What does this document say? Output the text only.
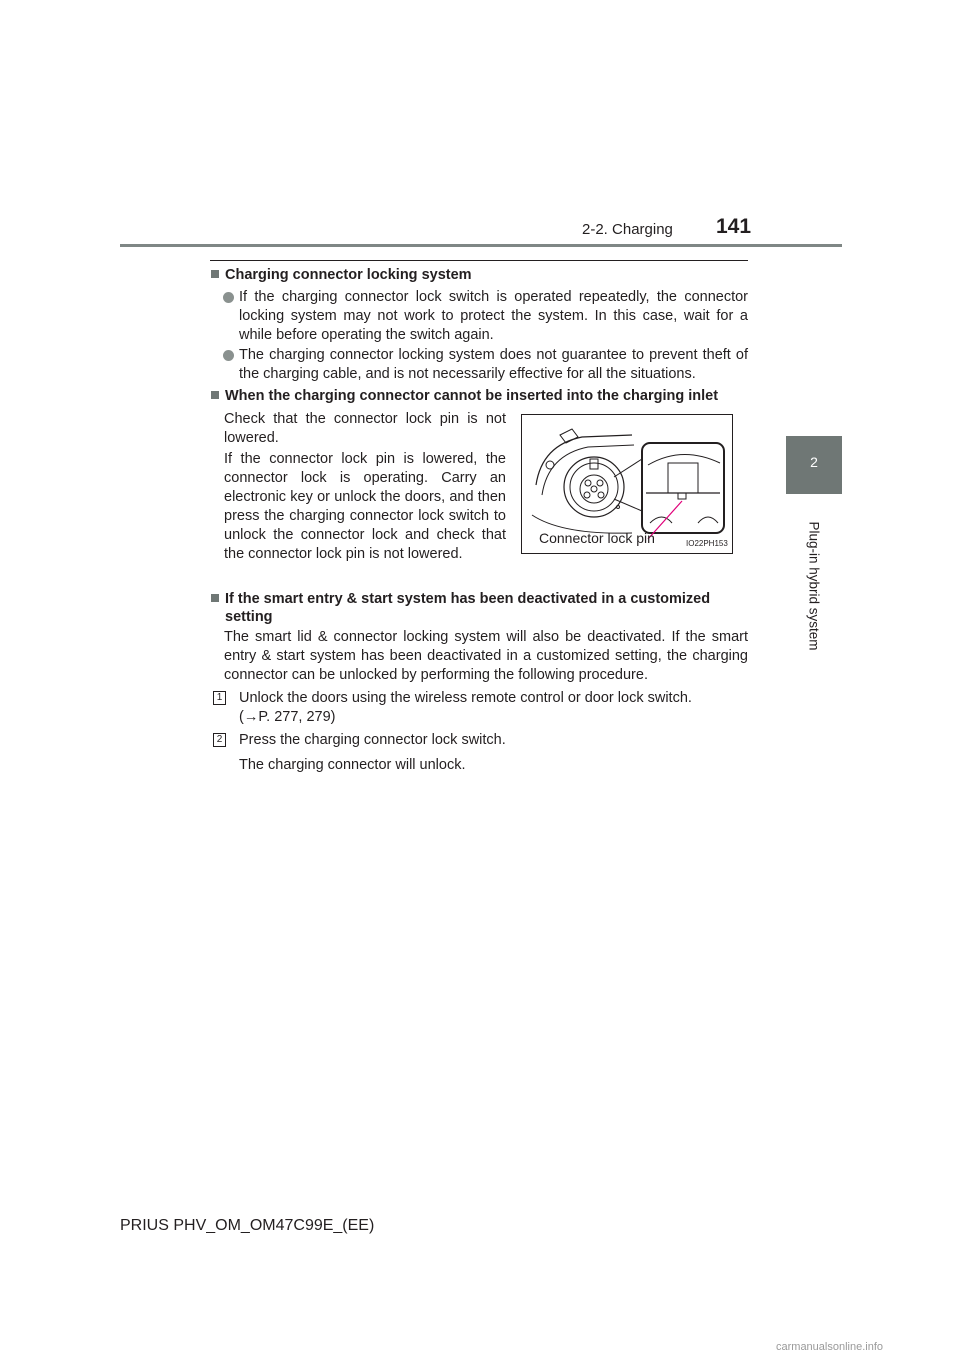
2-2. Charging 141
2
Plug-in hybrid system
Charging connector locking system
If the charging connector lock switch is operated repeatedly, the connector locking system may not work to protect the system. In this case, wait for a while before operating the switch again.
The charging connector locking system does not guarantee to prevent theft of the charging cable, and is not necessarily effective for all the situations.
When the charging connector cannot be inserted into the charging inlet
Check that the connector lock pin is not lowered.
If the connector lock pin is lowered, the connector lock is operating. Carry an electronic key or unlock the doors, and then press the charging connector lock switch to unlock the connector lock and check that the connector lock pin is not lowered.
Connector lock pin	IO22PH153
If the smart entry & start system has been deactivated in a customized
setting
The smart lid & connector locking system will also be deactivated. If the smart entry & start system has been deactivated in a customized setting, the charging connector can be unlocked by performing the following procedure.
1 Unlock the doors using the wireless remote control or door lock switch.
(→P. 277, 279)
2 Press the charging connector lock switch.
The charging connector will unlock.
PRIUS PHV_OM_OM47C99E_(EE)
carmanualsonline.info
